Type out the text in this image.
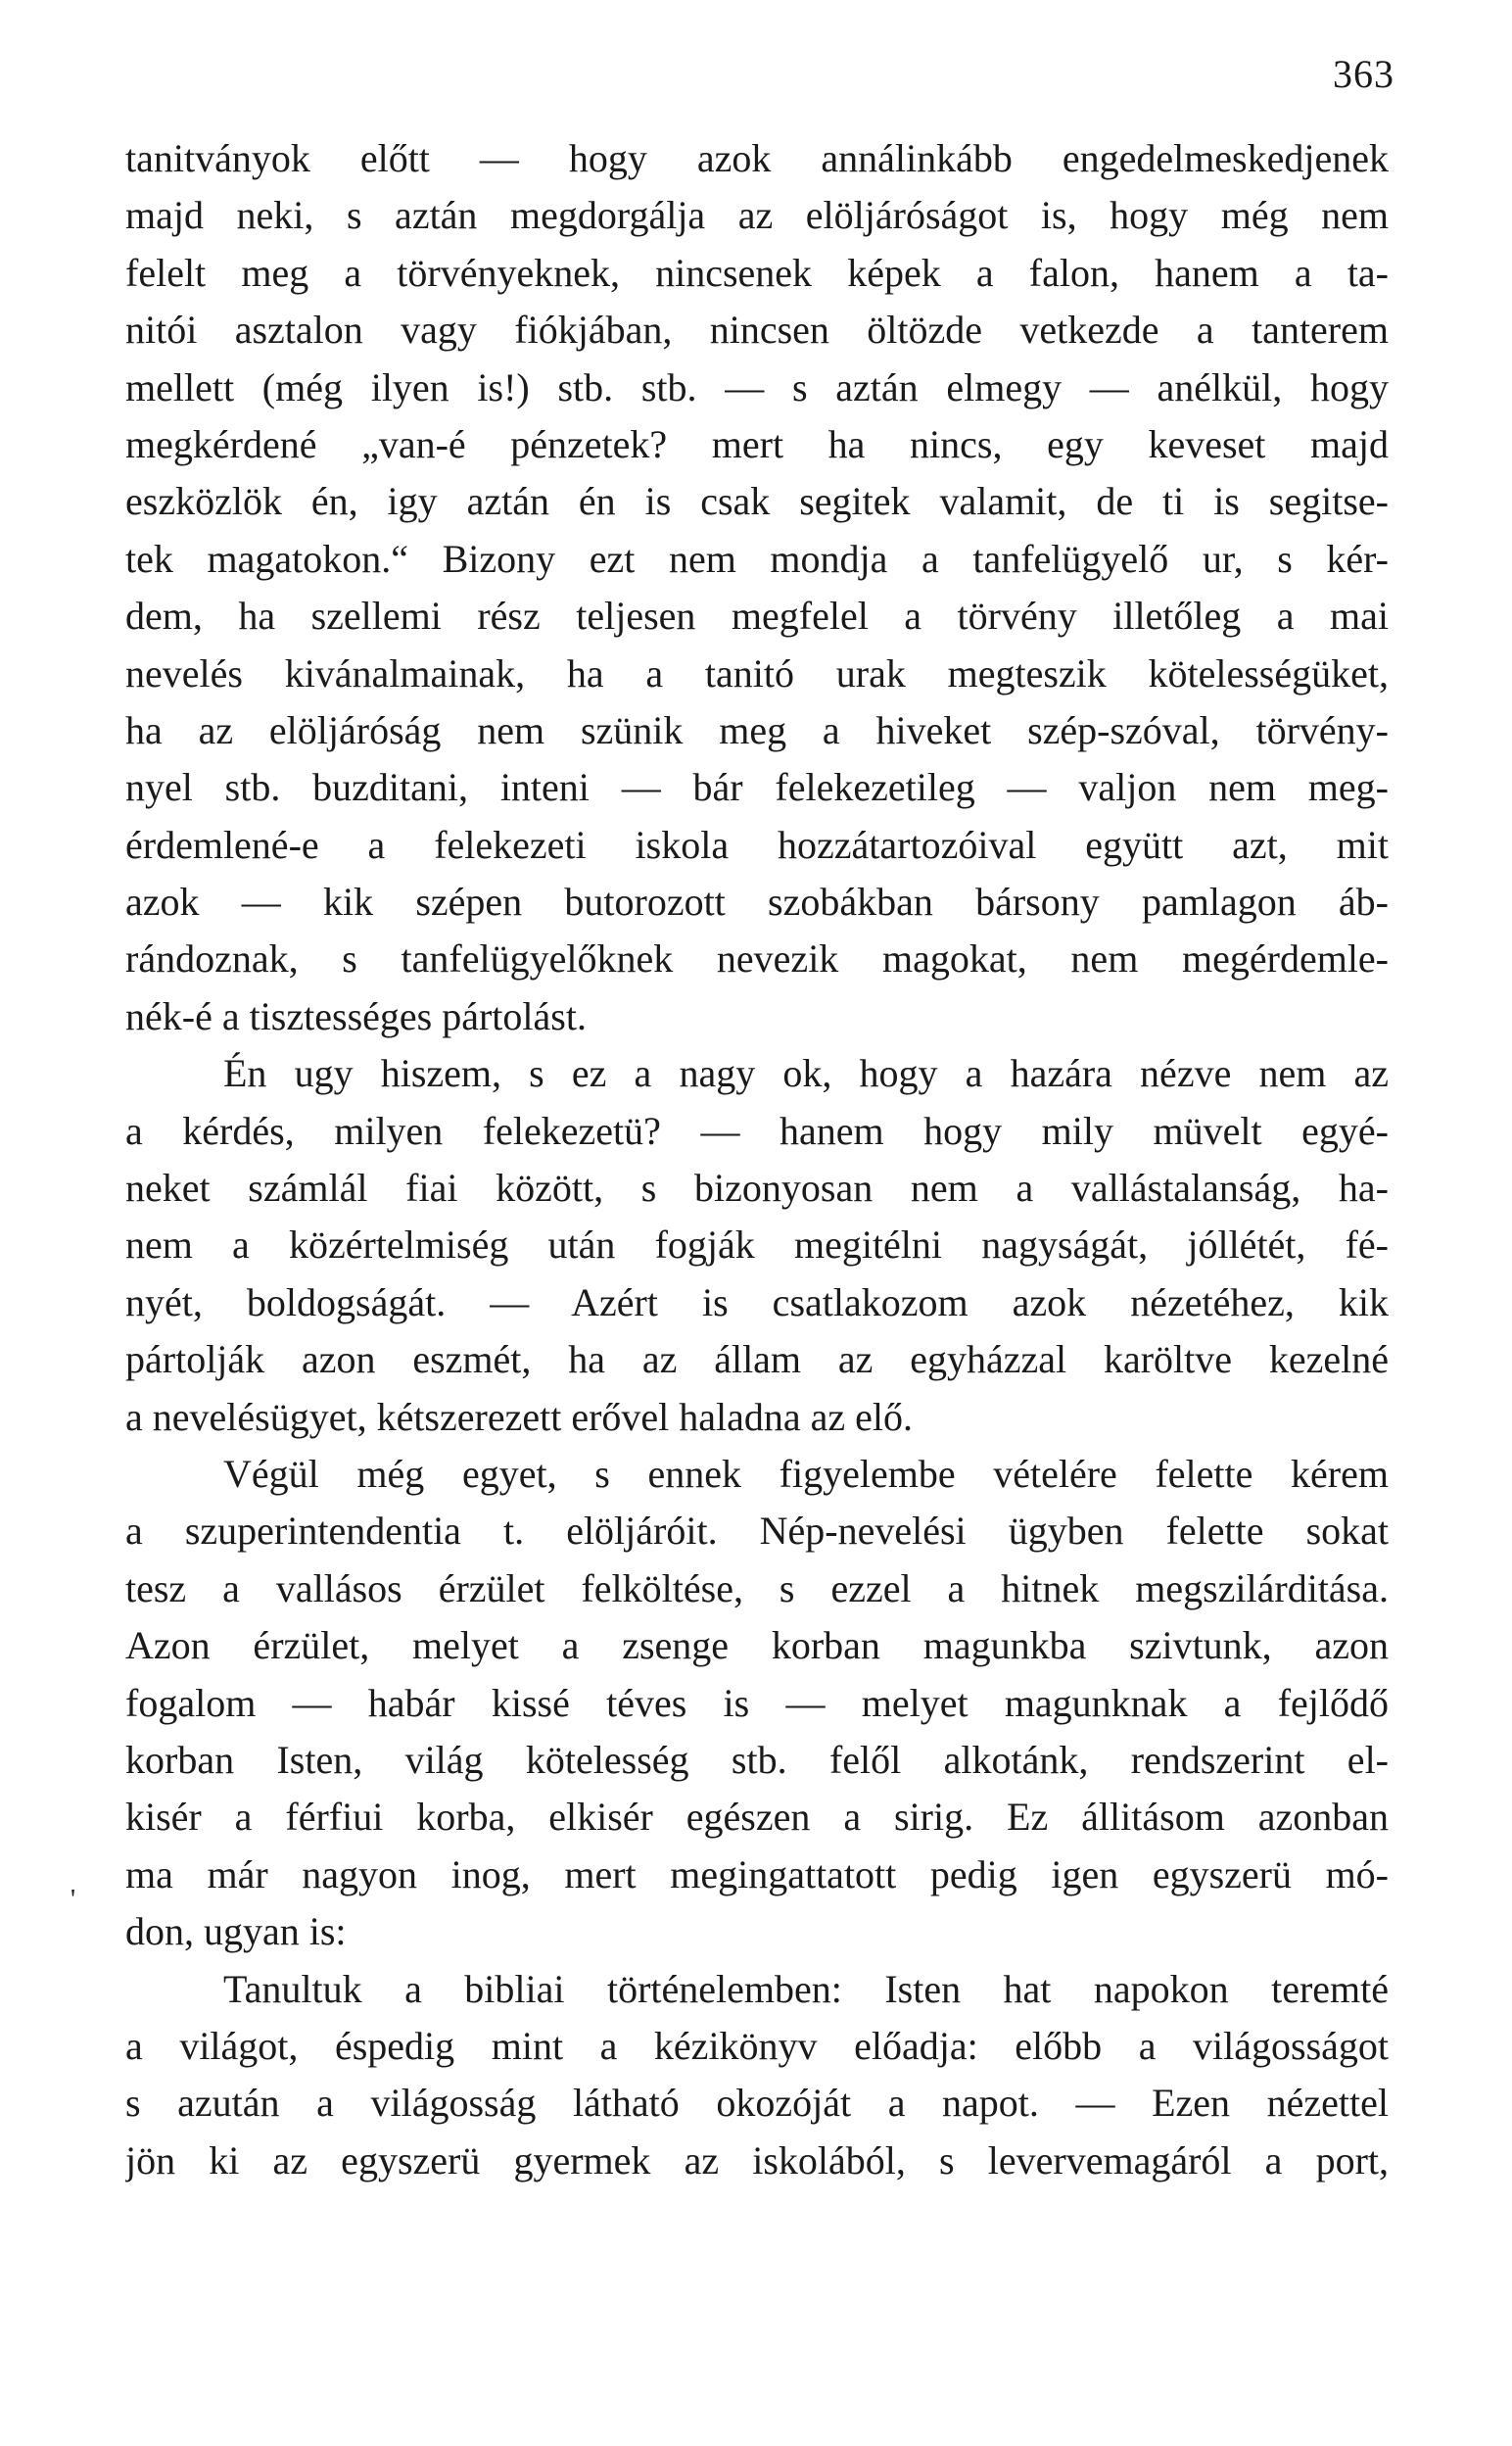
363
'
tanitványok előtt — hogy azok annálinkább engedelmeskedjenek
majd neki, s aztán megdorgálja az elöljáróságot is, hogy még nem
felelt meg a törvényeknek, nincsenek képek a falon, hanem a ta-
nitói asztalon vagy fiókjában, nincsen öltözde vetkezde a tanterem
mellett (még ilyen is!) stb. stb. — s aztán elmegy — anélkül, hogy
megkérdené „van-é pénzetek? mert ha nincs, egy keveset majd
eszközlök én, igy aztán én is csak segitek valamit, de ti is segitse-
tek magatokon.“ Bizony ezt nem mondja a tanfelügyelő ur, s kér-
dem, ha szellemi rész teljesen megfelel a törvény illetőleg a mai
nevelés kivánalmainak, ha a tanitó urak megteszik kötelességüket,
ha az elöljáróság nem szünik meg a hiveket szép-szóval, törvény-
nyel stb. buzditani, inteni — bár felekezetileg — valjon nem meg-
érdemlené-e a felekezeti iskola hozzátartozóival együtt azt, mit
azok — kik szépen butorozott szobákban bársony pamlagon áb-
rándoznak, s tanfelügyelőknek nevezik magokat, nem megérdemle-
nék-é a tisztességes pártolást.
Én ugy hiszem, s ez a nagy ok, hogy a hazára nézve nem az
a kérdés, milyen felekezetü? — hanem hogy mily müvelt egyé-
neket számlál fiai között, s bizonyosan nem a vallástalanság, ha-
nem a közértelmiség után fogják megitélni nagyságát, jóllétét, fé-
nyét, boldogságát. — Azért is csatlakozom azok nézetéhez, kik
pártolják azon eszmét, ha az állam az egyházzal karöltve kezelné
a nevelésügyet, kétszerezett erővel haladna az elő.
Végül még egyet, s ennek figyelembe vételére felette kérem
a szuperintendentia t. elöljáróit. Nép-nevelési ügyben felette sokat
tesz a vallásos érzület felköltése, s ezzel a hitnek megszilárditása.
Azon érzület, melyet a zsenge korban magunkba szivtunk, azon
fogalom — habár kissé téves is — melyet magunknak a fejlődő
korban Isten, világ kötelesség stb. felől alkotánk, rendszerint el-
kisér a férfiui korba, elkisér egészen a sirig. Ez állitásom azonban
ma már nagyon inog, mert megingattatott pedig igen egyszerü mó-
don, ugyan is:
Tanultuk a bibliai történelemben: Isten hat napokon teremté
a világot, éspedig mint a kézikönyv előadja: előbb a világosságot
s azután a világosság látható okozóját a napot. — Ezen nézettel
jön ki az egyszerü gyermek az iskolából, s levervemagáról a port,
